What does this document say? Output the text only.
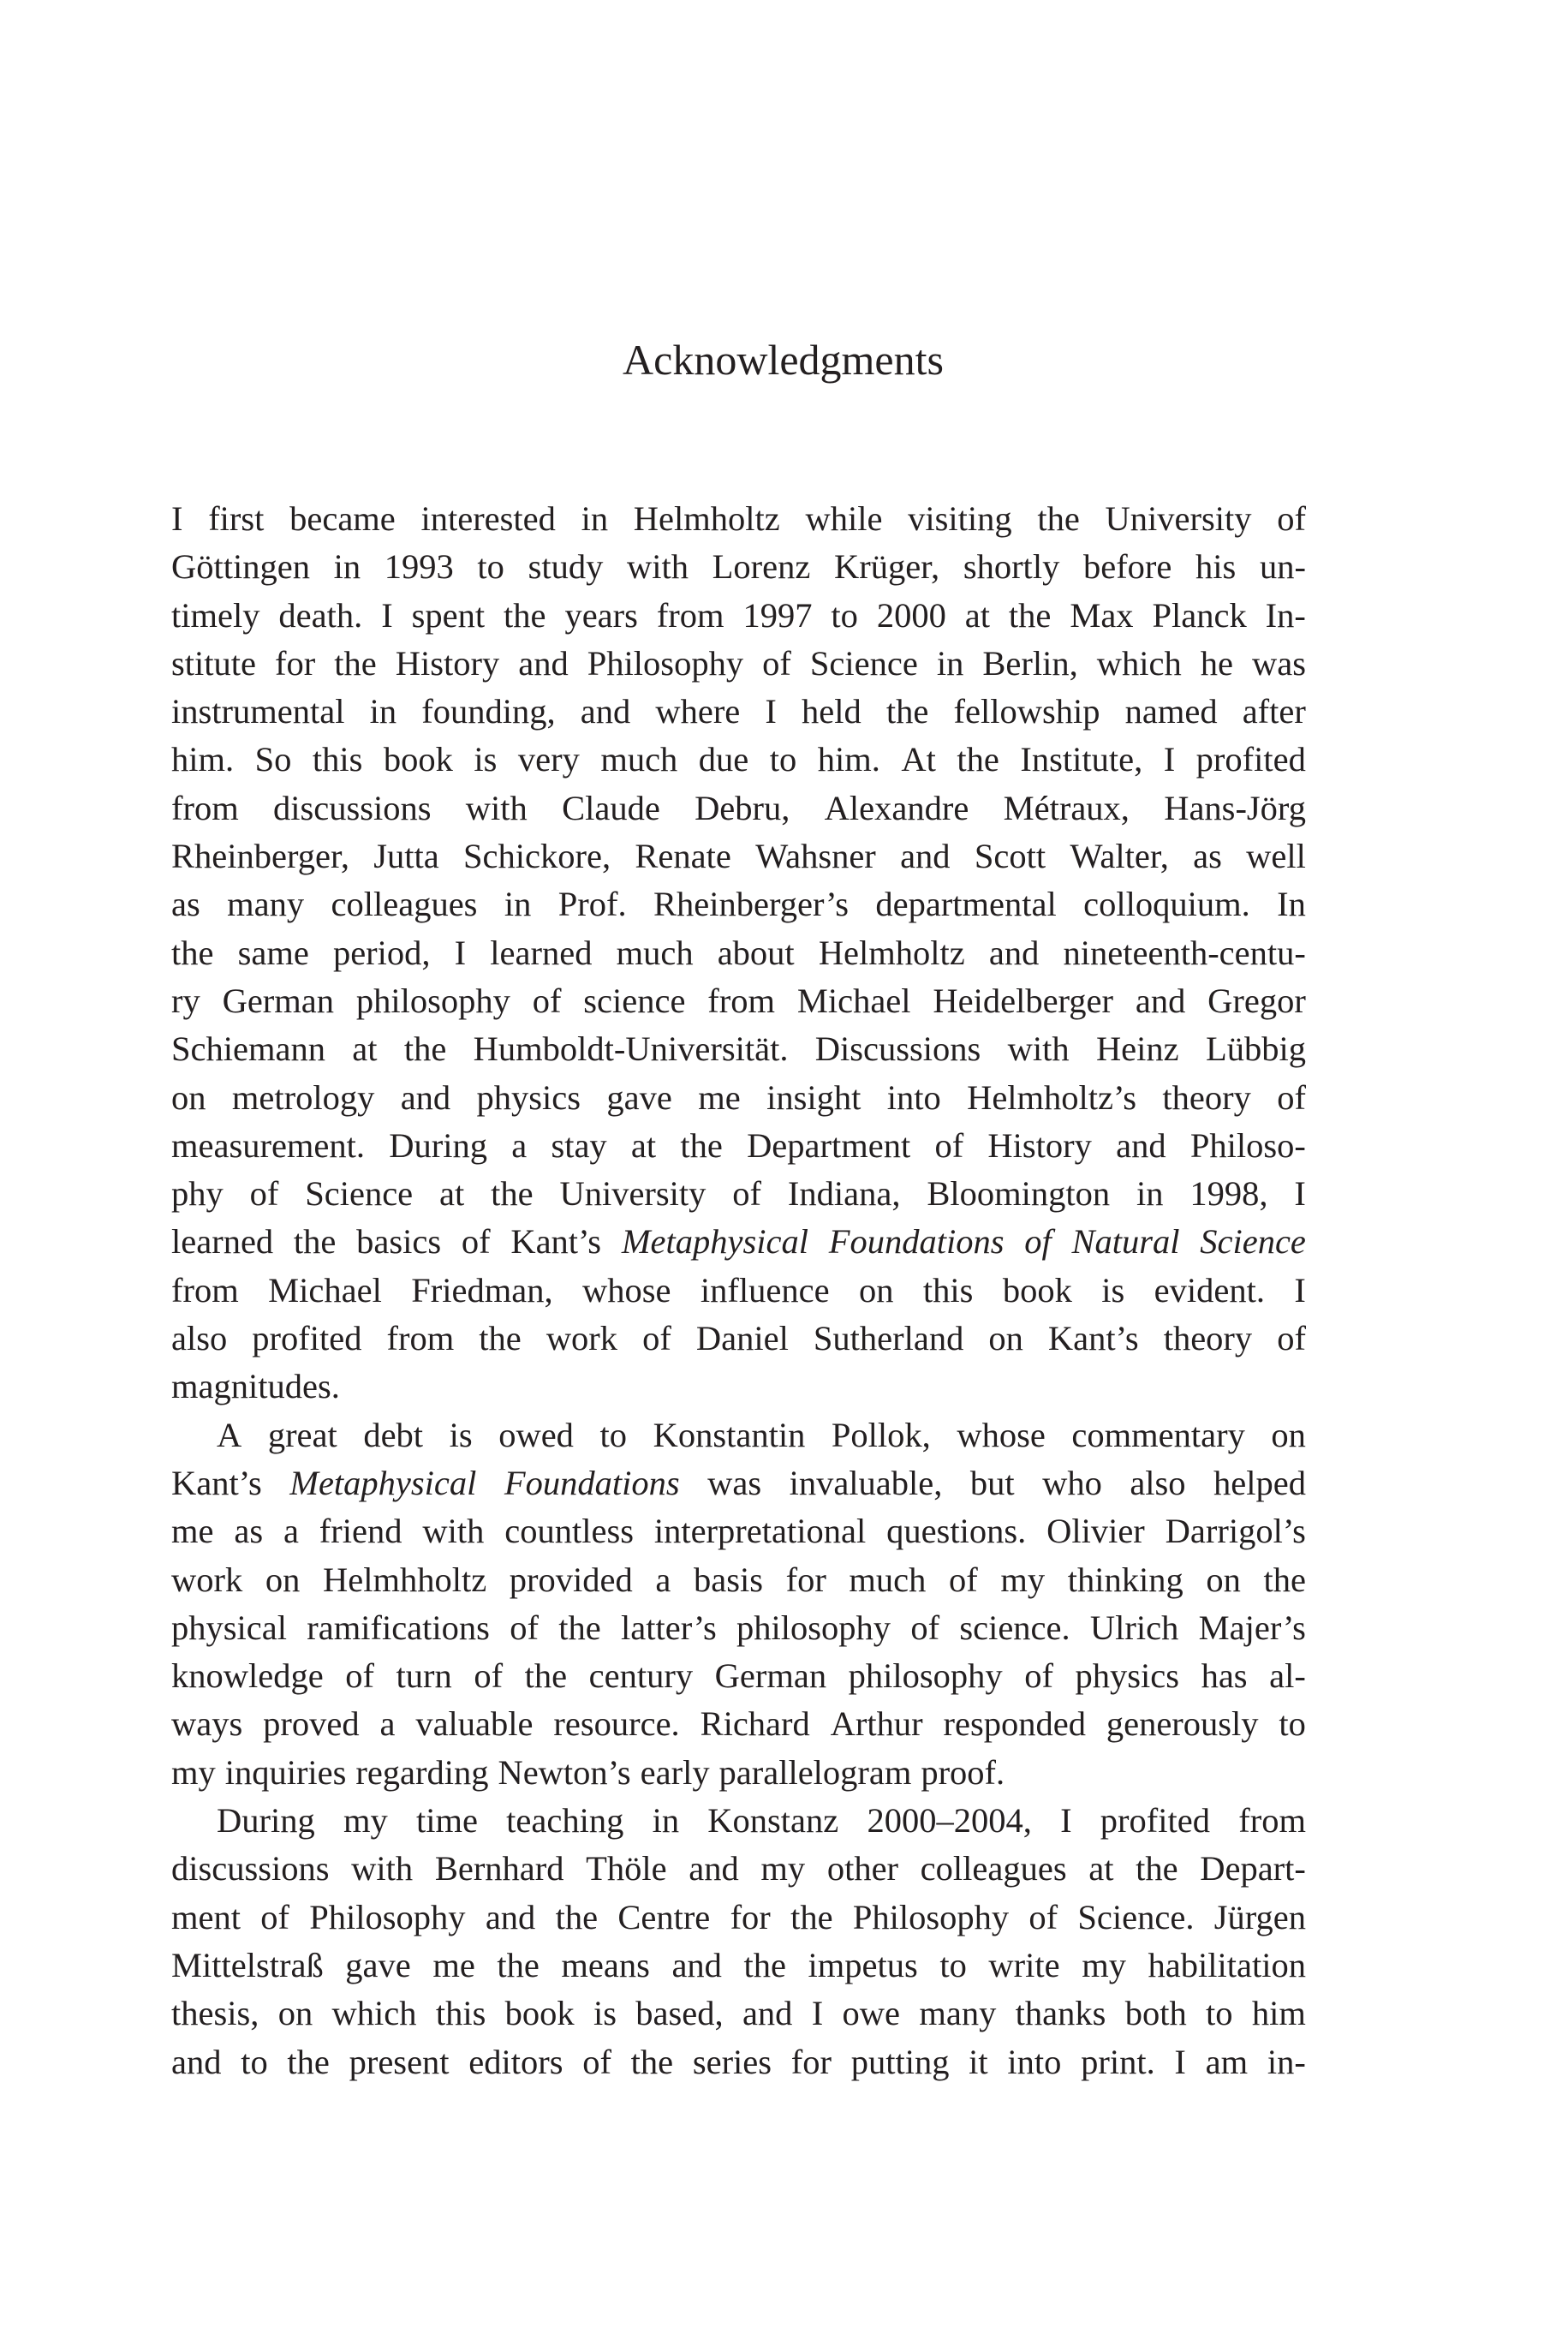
Acknowledgments
I first became interested in Helmholtz while visiting the University of
Göttingen in 1993 to study with Lorenz Krüger, shortly before his un-
timely death. I spent the years from 1997 to 2000 at the Max Planck In-
stitute for the History and Philosophy of Science in Berlin, which he was
instrumental in founding, and where I held the fellowship named after
him. So this book is very much due to him. At the Institute, I profited
from discussions with Claude Debru, Alexandre Métraux, Hans-Jörg
Rheinberger, Jutta Schickore, Renate Wahsner and Scott Walter, as well
as many colleagues in Prof. Rheinberger’s departmental colloquium. In
the same period, I learned much about Helmholtz and nineteenth-centu-
ry German philosophy of science from Michael Heidelberger and Gregor
Schiemann at the Humboldt-Universität. Discussions with Heinz Lübbig
on metrology and physics gave me insight into Helmholtz’s theory of
measurement. During a stay at the Department of History and Philoso-
phy of Science at the University of Indiana, Bloomington in 1998, I
learned the basics of Kant’s Metaphysical Foundations of Natural Science
from Michael Friedman, whose influence on this book is evident. I
also profited from the work of Daniel Sutherland on Kant’s theory of
magnitudes.
A great debt is owed to Konstantin Pollok, whose commentary on
Kant’s Metaphysical Foundations was invaluable, but who also helped
me as a friend with countless interpretational questions. Olivier Darrigol’s
work on Helmhholtz provided a basis for much of my thinking on the
physical ramifications of the latter’s philosophy of science. Ulrich Majer’s
knowledge of turn of the century German philosophy of physics has al-
ways proved a valuable resource. Richard Arthur responded generously to
my inquiries regarding Newton’s early parallelogram proof.
During my time teaching in Konstanz 2000–2004, I profited from
discussions with Bernhard Thöle and my other colleagues at the Depart-
ment of Philosophy and the Centre for the Philosophy of Science. Jürgen
Mittelstraß gave me the means and the impetus to write my habilitation
thesis, on which this book is based, and I owe many thanks both to him
and to the present editors of the series for putting it into print. I am in-
